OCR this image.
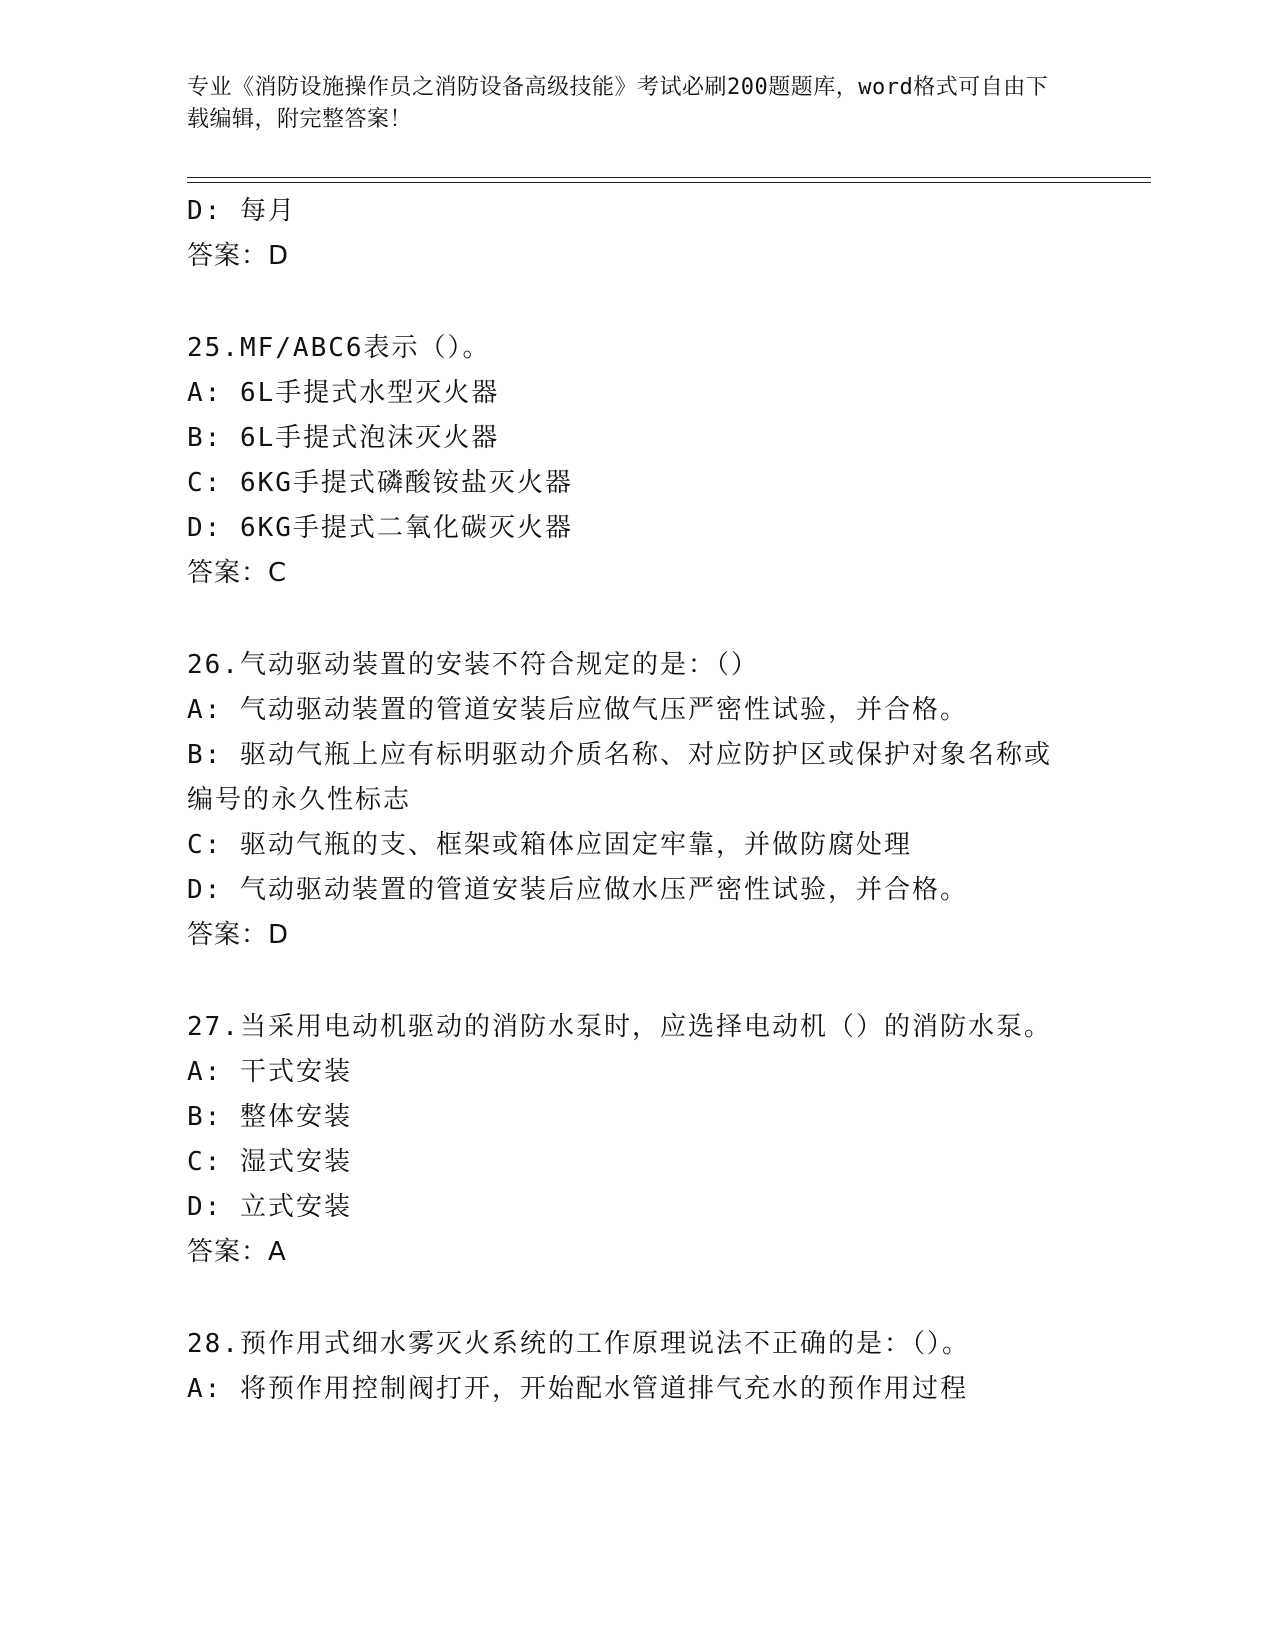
专业《消防设施操作员之消防设备高级技能》考试必刷200题题库，word格式可自由下载编辑，附完整答案！
D: 每月
答案：D
25.MF/ABC6表示（）。
A: 6L手提式水型灭火器
B: 6L手提式泡沫灭火器
C: 6KG手提式磷酸铵盐灭火器
D: 6KG手提式二氧化碳灭火器
答案：C
26.气动驱动装置的安装不符合规定的是：（）
A: 气动驱动装置的管道安装后应做气压严密性试验，并合格。
B: 驱动气瓶上应有标明驱动介质名称、对应防护区或保护对象名称或
编号的永久性标志
C: 驱动气瓶的支、框架或箱体应固定牢靠，并做防腐处理
D: 气动驱动装置的管道安装后应做水压严密性试验，并合格。
答案：D
27.当采用电动机驱动的消防水泵时，应选择电动机（）的消防水泵。
A: 干式安装
B: 整体安装
C: 湿式安装
D: 立式安装
答案：A
28.预作用式细水雾灭火系统的工作原理说法不正确的是：（）。
A: 将预作用控制阀打开，开始配水管道排气充水的预作用过程
